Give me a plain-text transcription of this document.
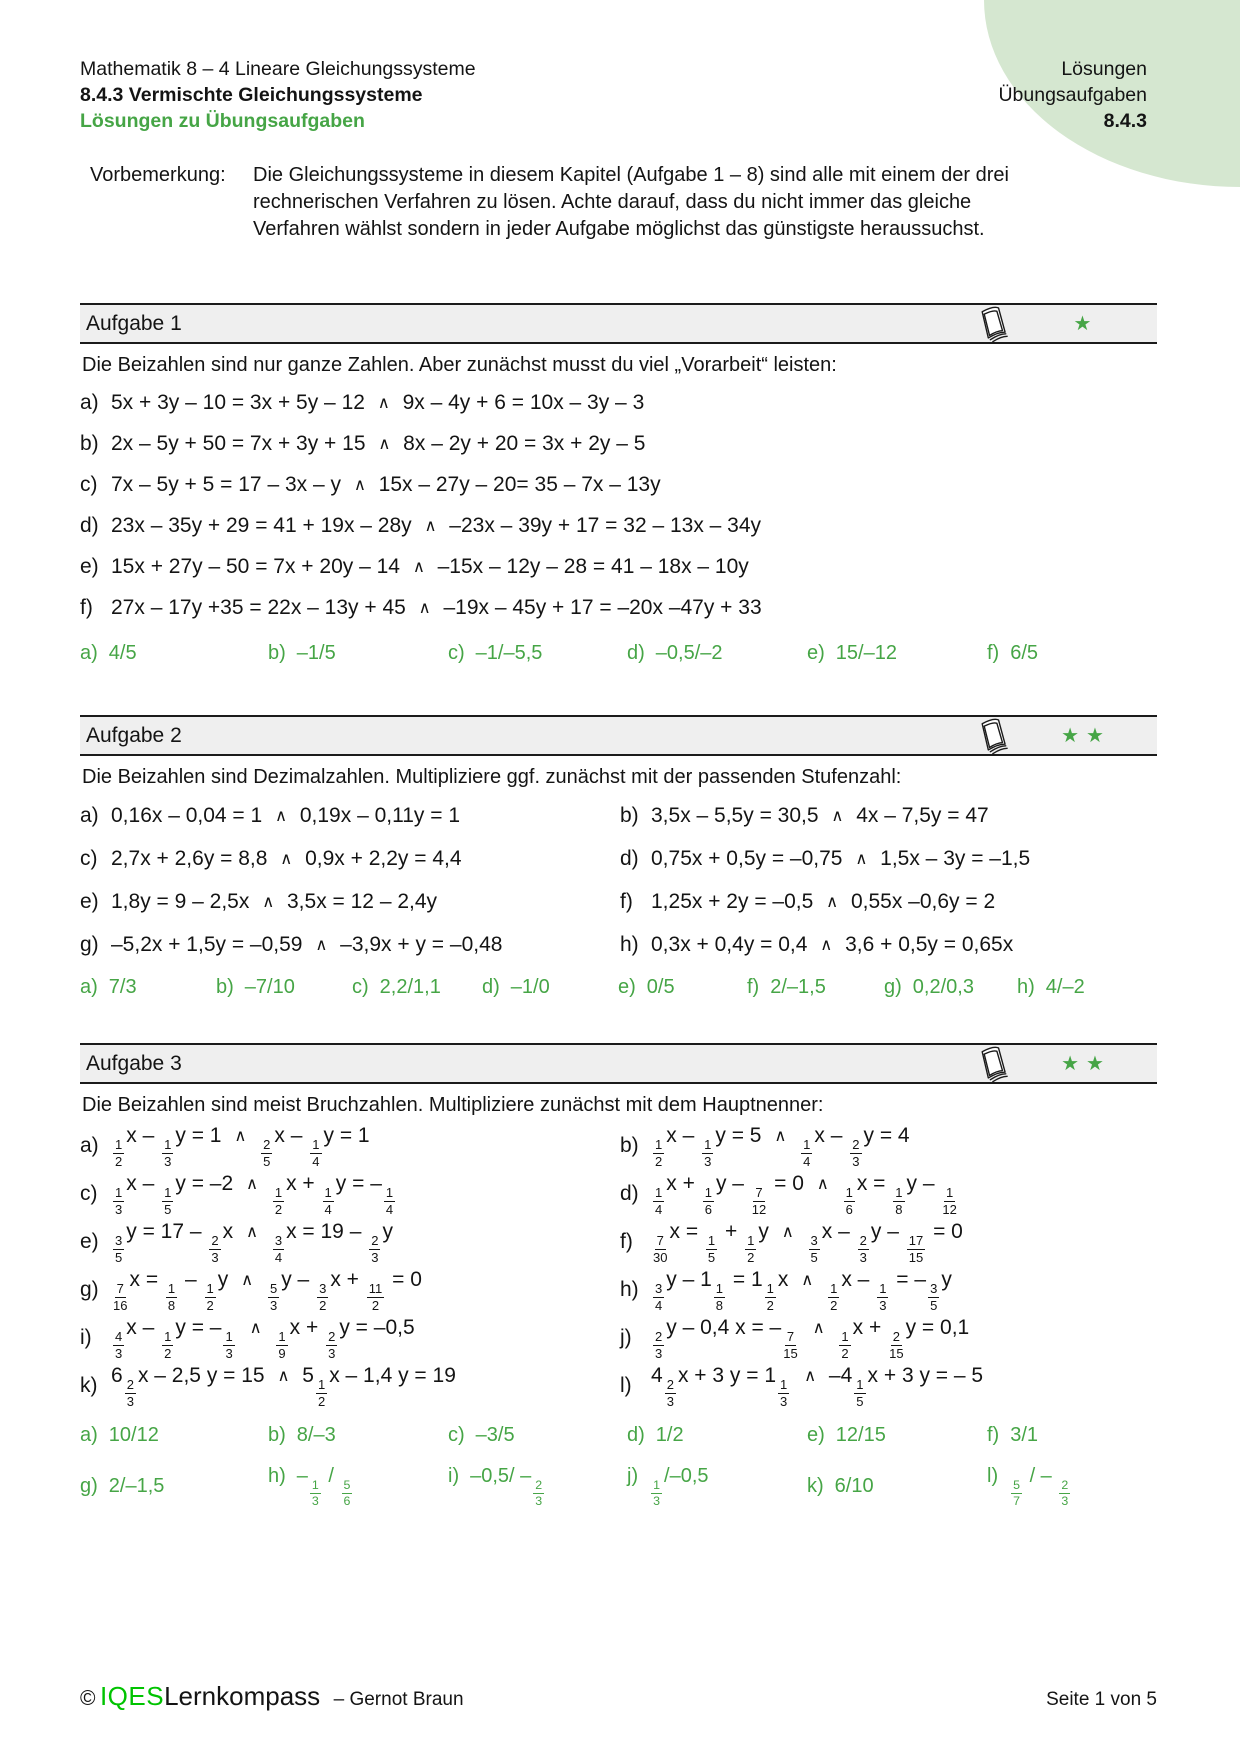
Mathematik 8 – 4 Lineare Gleichungssysteme
8.4.3 Vermischte Gleichungssysteme
Lösungen zu Übungsaufgaben
Lösungen
Übungsaufgaben
8.4.3
Vorbemerkung:	Die Gleichungssysteme in diesem Kapitel (Aufgabe 1 – 8) sind alle mit einem der drei rechnerischen Verfahren zu lösen. Achte darauf, dass du nicht immer das gleiche Verfahren wählst sondern in jeder Aufgabe möglichst das günstigste heraussuchst.
Aufgabe 1	★
Die Beizahlen sind nur ganze Zahlen. Aber zunächst musst du viel „Vorarbeit“ leisten:
a) 5x + 3y – 10 = 3x + 5y – 12 ∧ 9x – 4y + 6 = 10x – 3y – 3
b) 2x – 5y + 50 = 7x + 3y + 15 ∧ 8x – 2y + 20 = 3x + 2y – 5
c) 7x – 5y + 5 = 17 – 3x – y ∧ 15x – 27y – 20= 35 – 7x – 13y
d) 23x – 35y + 29 = 41 + 19x – 28y ∧ –23x – 39y + 17 = 32 – 13x – 34y
e) 15x + 27y – 50 = 7x + 20y – 14 ∧ –15x – 12y – 28 = 41 – 18x – 10y
f) 27x – 17y +35 = 22x – 13y + 45 ∧ –19x – 45y + 17 = –20x –47y + 33
a) 4/5	b) –1/5	c) –1/–5,5	d) –0,5/–2	e) 15/–12	f) 6/5
Aufgabe 2	★★
Die Beizahlen sind Dezimalzahlen. Multipliziere ggf. zunächst mit der passenden Stufenzahl:
a) 0,16x – 0,04 = 1 ∧ 0,19x – 0,11y = 1	b) 3,5x – 5,5y = 30,5 ∧ 4x – 7,5y = 47
c) 2,7x + 2,6y = 8,8 ∧ 0,9x + 2,2y = 4,4	d) 0,75x + 0,5y = –0,75 ∧ 1,5x – 3y = –1,5
e) 1,8y = 9 – 2,5x ∧ 3,5x = 12 – 2,4y	f) 1,25x + 2y = –0,5 ∧ 0,55x –0,6y = 2
g) –5,2x + 1,5y = –0,59 ∧ –3,9x + y = –0,48	h) 0,3x + 0,4y = 0,4 ∧ 3,6 + 0,5y = 0,65x
a) 7/3	b) –7/10	c) 2,2/1,1	d) –1/0	e) 0/5	f) 2/–1,5	g) 0,2/0,3	h) 4/–2
Aufgabe 3	★★
Die Beizahlen sind meist Bruchzahlen. Multipliziere zunächst mit dem Hauptnenner:
a)	$\frac{1}{2}$
x –
$\frac{1}{3}$
y = 1 ∧
$\frac{2}{5}$
x –
$\frac{1}{4}$
y = 1	b)	$\frac{1}{2}$
x –
$\frac{1}{3}$
y = 5 ∧
$\frac{1}{4}$
x –
$\frac{2}{3}$
y = 4
c)	$\frac{1}{3}$
x –
$\frac{1}{5}$
y = –2 ∧
$\frac{1}{2}$
x +
$\frac{1}{4}$
y = –
$\frac{1}{4}$	d)	$\frac{1}{4}$
x +
$\frac{1}{6}$
y –
$\frac{7}{12}$
= 0 ∧
$\frac{1}{6}$
x =
$\frac{1}{8}$
y –
$\frac{1}{12}$
e)	$\frac{3}{5}$
y = 17 –
$\frac{2}{3}$
x ∧
$\frac{3}{4}$
x = 19 –
$\frac{2}{3}$
y	f)	$\frac{7}{30}$
x =
$\frac{1}{5}$
+
$\frac{1}{2}$
y ∧
$\frac{3}{5}$
x –
$\frac{2}{3}$
y –
$\frac{17}{15}$
= 0
g)	$\frac{7}{16}$
x =
$\frac{1}{8}$
–
$\frac{1}{2}$
y ∧
$\frac{5}{3}$
y –
$\frac{3}{2}$
x +
$\frac{11}{2}$
= 0	h)	$\frac{3}{4}$
y – 1
$\frac{1}{8}$
= 1
$\frac{1}{2}$
x ∧
$\frac{1}{2}$
x –
$\frac{1}{3}$
= –
$\frac{3}{5}$
y
i)	$\frac{4}{3}$
x –
$\frac{1}{2}$
y = –
$\frac{1}{3}$
∧
$\frac{1}{9}$
x +
$\frac{2}{3}$
y = –0,5	j)	$\frac{2}{3}$
y – 0,4 x = –
$\frac{7}{15}$
∧
$\frac{1}{2}$
x +
$\frac{2}{15}$
y = 0,1
k) 6
$\frac{2}{3}$
x – 2,5 y = 15 ∧ 5
$\frac{1}{2}$
x – 1,4 y = 19	l) 4
$\frac{2}{3}$
x + 3 y = 1
$\frac{1}{3}$
∧ –4
$\frac{1}{5}$
x + 3 y = – 5
a) 10/12	b) 8/–3	c) –3/5	d) 1/2	e) 12/15	f) 3/1
g) 2/–1,5	h) –
$\frac{1}{3}$
/
$\frac{5}{6}$
i) –0,5/ –
$\frac{2}{3}$
j)
$\frac{1}{3}$
/–0,5	k) 6/10	l)
$\frac{5}{7}$
/ –
$\frac{2}{3}$
© IQESLernkompass – Gernot Braun	Seite 1 von 5
